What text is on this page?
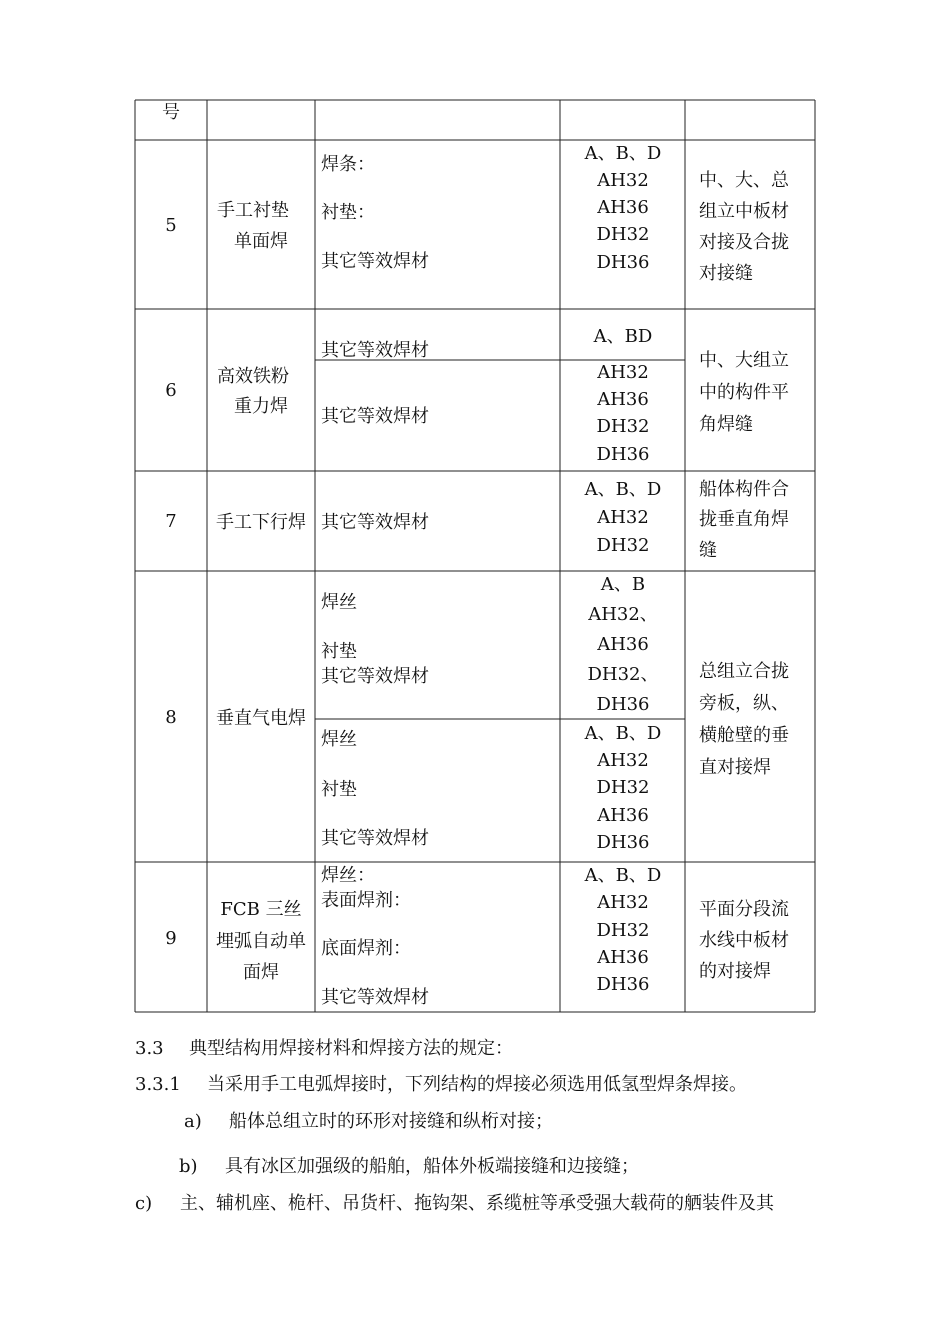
号
5
手工衬垫
单面焊
焊条：
衬垫：
其它等效焊材
A、B、D
AH32
AH36
DH32
DH36
中、大、总
组立中板材
对接及合拢
对接缝
6
高效铁粉
重力焊
其它等效焊材
A、BD
其它等效焊材
AH32
AH36
DH32
DH36
中、大组立
中的构件平
角焊缝
7 手工下行焊 其它等效焊材
A、B、D
AH32
DH32
船体构件合
拢垂直角焊
缝
8 垂直气电焊
焊丝
衬垫
其它等效焊材
A、B
AH32、
AH36
DH32、
DH36
焊丝
衬垫
其它等效焊材
A、B、D
AH32
DH32
AH36
DH36
总组立合拢
旁板，纵、
横舱壁的垂
直对接焊
9
FCB 三丝
埋弧自动单
面焊
焊丝：
表面焊剂：
底面焊剂：
其它等效焊材
A、B、D
AH32
DH32
AH36
DH36
平面分段流
水线中板材
的对接焊
3.3 典型结构用焊接材料和焊接方法的规定：
3.3.1 当采用手工电弧焊接时，下列结构的焊接必须选用低氢型焊条焊接。
a) 船体总组立时的环形对接缝和纵桁对接；
b) 具有冰区加强级的船舶，船体外板端接缝和边接缝；
c) 主、辅机座、桅杆、吊货杆、拖钩架、系缆桩等承受强大载荷的舾装件及其
